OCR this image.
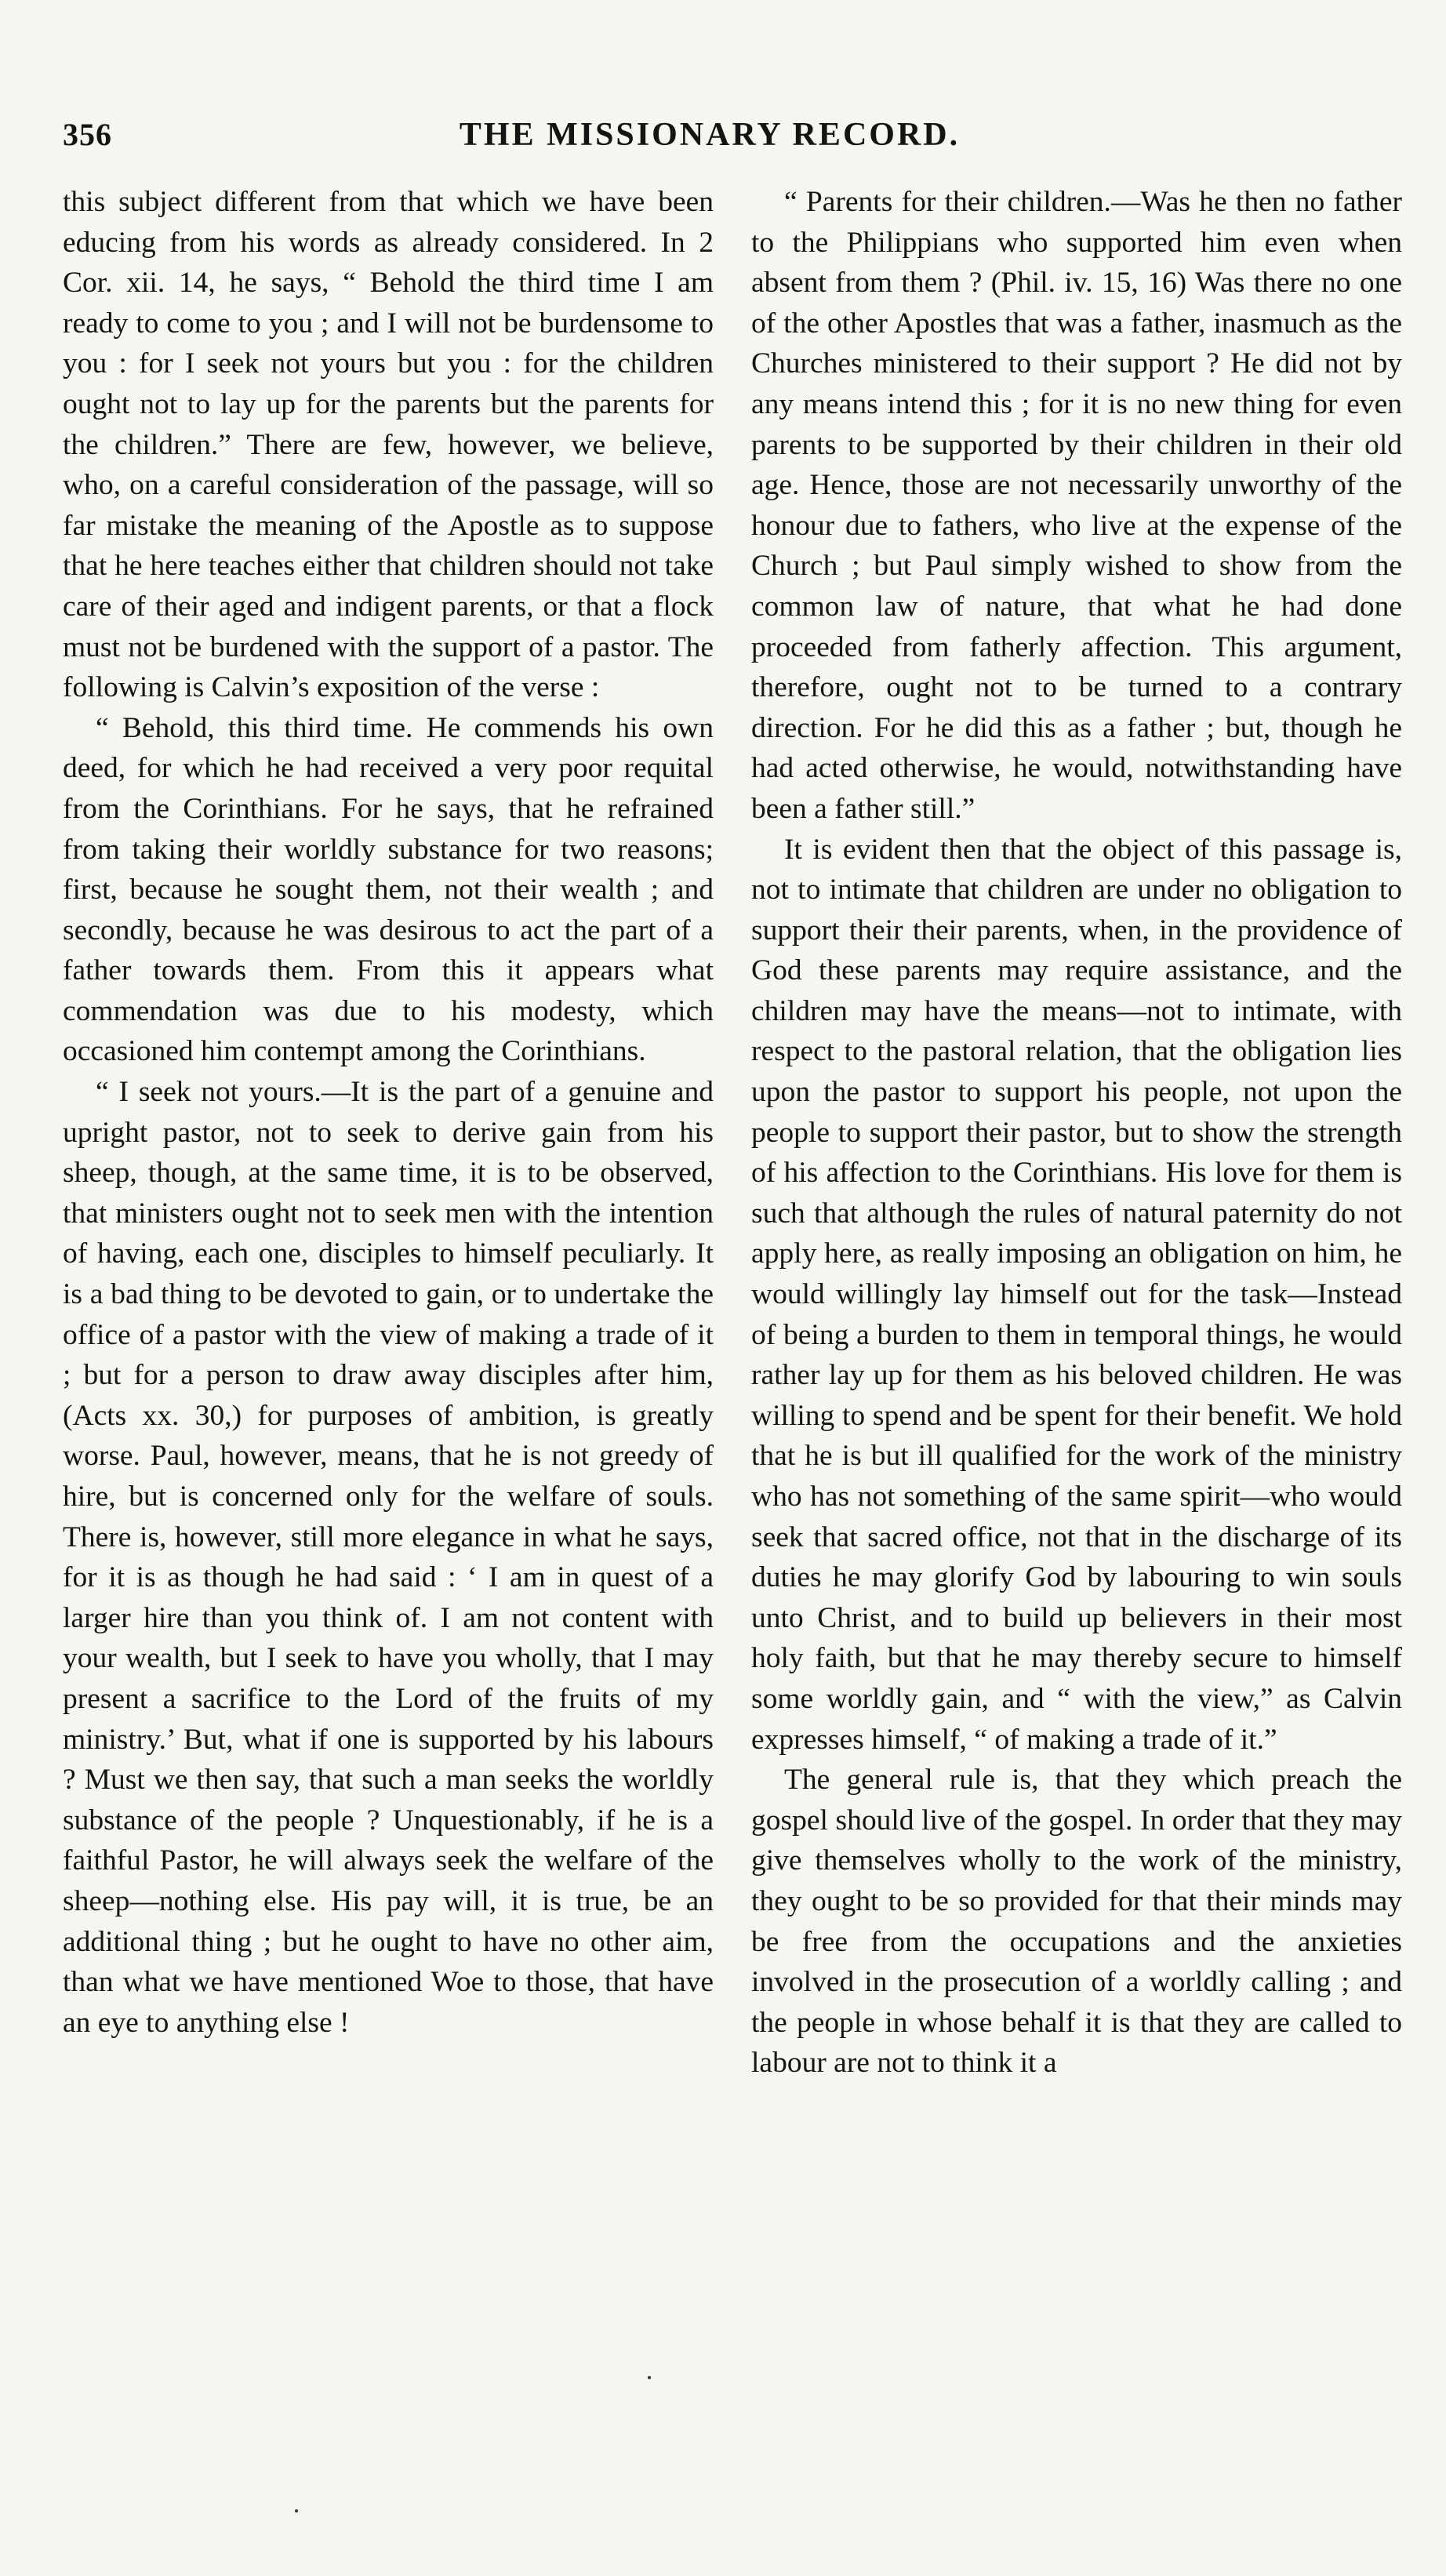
356	THE MISSIONARY RECORD.

this subject different from that which we have been educing from his words as already considered. In 2 Cor. xii. 14, he says, “ Behold the third time I am ready to come to you ; and I will not be burdensome to you : for I seek not yours but you : for the children ought not to lay up for the parents but the parents for the children.” There are few, however, we believe, who, on a careful consideration of the passage, will so far mistake the meaning of the Apostle as to suppose that he here teaches either that children should not take care of their aged and indigent parents, or that a flock must not be burdened with the support of a pastor. The following is Calvin’s exposition of the verse :

“ Behold, this third time. He commends his own deed, for which he had received a very poor requital from the Corinthians. For he says, that he refrained from taking their worldly substance for two reasons; first, because he sought them, not their wealth ; and secondly, because he was desirous to act the part of a father towards them. From this it appears what commendation was due to his modesty, which occasioned him contempt among the Corinthians.

“ I seek not yours.—It is the part of a genuine and upright pastor, not to seek to derive gain from his sheep, though, at the same time, it is to be observed, that ministers ought not to seek men with the intention of having, each one, disciples to himself peculiarly. It is a bad thing to be devoted to gain, or to undertake the office of a pastor with the view of making a trade of it ; but for a person to draw away disciples after him, (Acts xx. 30,) for purposes of ambition, is greatly worse. Paul, however, means, that he is not greedy of hire, but is concerned only for the welfare of souls. There is, however, still more elegance in what he says, for it is as though he had said : ‘ I am in quest of a larger hire than you think of. I am not content with your wealth, but I seek to have you wholly, that I may present a sacrifice to the Lord of the fruits of my ministry.’ But, what if one is supported by his labours ? Must we then say, that such a man seeks the worldly substance of the people ? Unquestionably, if he is a faithful Pastor, he will always seek the welfare of the sheep—nothing else. His pay will, it is true, be an additional thing ; but he ought to have no other aim, than what we have mentioned Woe to those, that have an eye to anything else !

“ Parents for their children.—Was he then no father to the Philippians who supported him even when absent from them ? (Phil. iv. 15, 16) Was there no one of the other Apostles that was a father, inasmuch as the Churches ministered to their support ? He did not by any means intend this ; for it is no new thing for even parents to be supported by their children in their old age. Hence, those are not necessarily unworthy of the honour due to fathers, who live at the expense of the Church ; but Paul simply wished to show from the common law of nature, that what he had done proceeded from fatherly affection. This argument, therefore, ought not to be turned to a contrary direction. For he did this as a father ; but, though he had acted otherwise, he would, notwithstanding have been a father still.”

It is evident then that the object of this passage is, not to intimate that children are under no obligation to support their their parents, when, in the providence of God these parents may require assistance, and the children may have the means—not to intimate, with respect to the pastoral relation, that the obligation lies upon the pastor to support his people, not upon the people to support their pastor, but to show the strength of his affection to the Corinthians. His love for them is such that although the rules of natural paternity do not apply here, as really imposing an obligation on him, he would willingly lay himself out for the task—Instead of being a burden to them in temporal things, he would rather lay up for them as his beloved children. He was willing to spend and be spent for their benefit. We hold that he is but ill qualified for the work of the ministry who has not something of the same spirit—who would seek that sacred office, not that in the discharge of its duties he may glorify God by labouring to win souls unto Christ, and to build up believers in their most holy faith, but that he may thereby secure to himself some worldly gain, and “ with the view,” as Calvin expresses himself, “ of making a trade of it.”

The general rule is, that they which preach the gospel should live of the gospel. In order that they may give themselves wholly to the work of the ministry, they ought to be so provided for that their minds may be free from the occupations and the anxieties involved in the prosecution of a worldly calling ; and the people in whose behalf it is that they are called to labour are not to think it a
